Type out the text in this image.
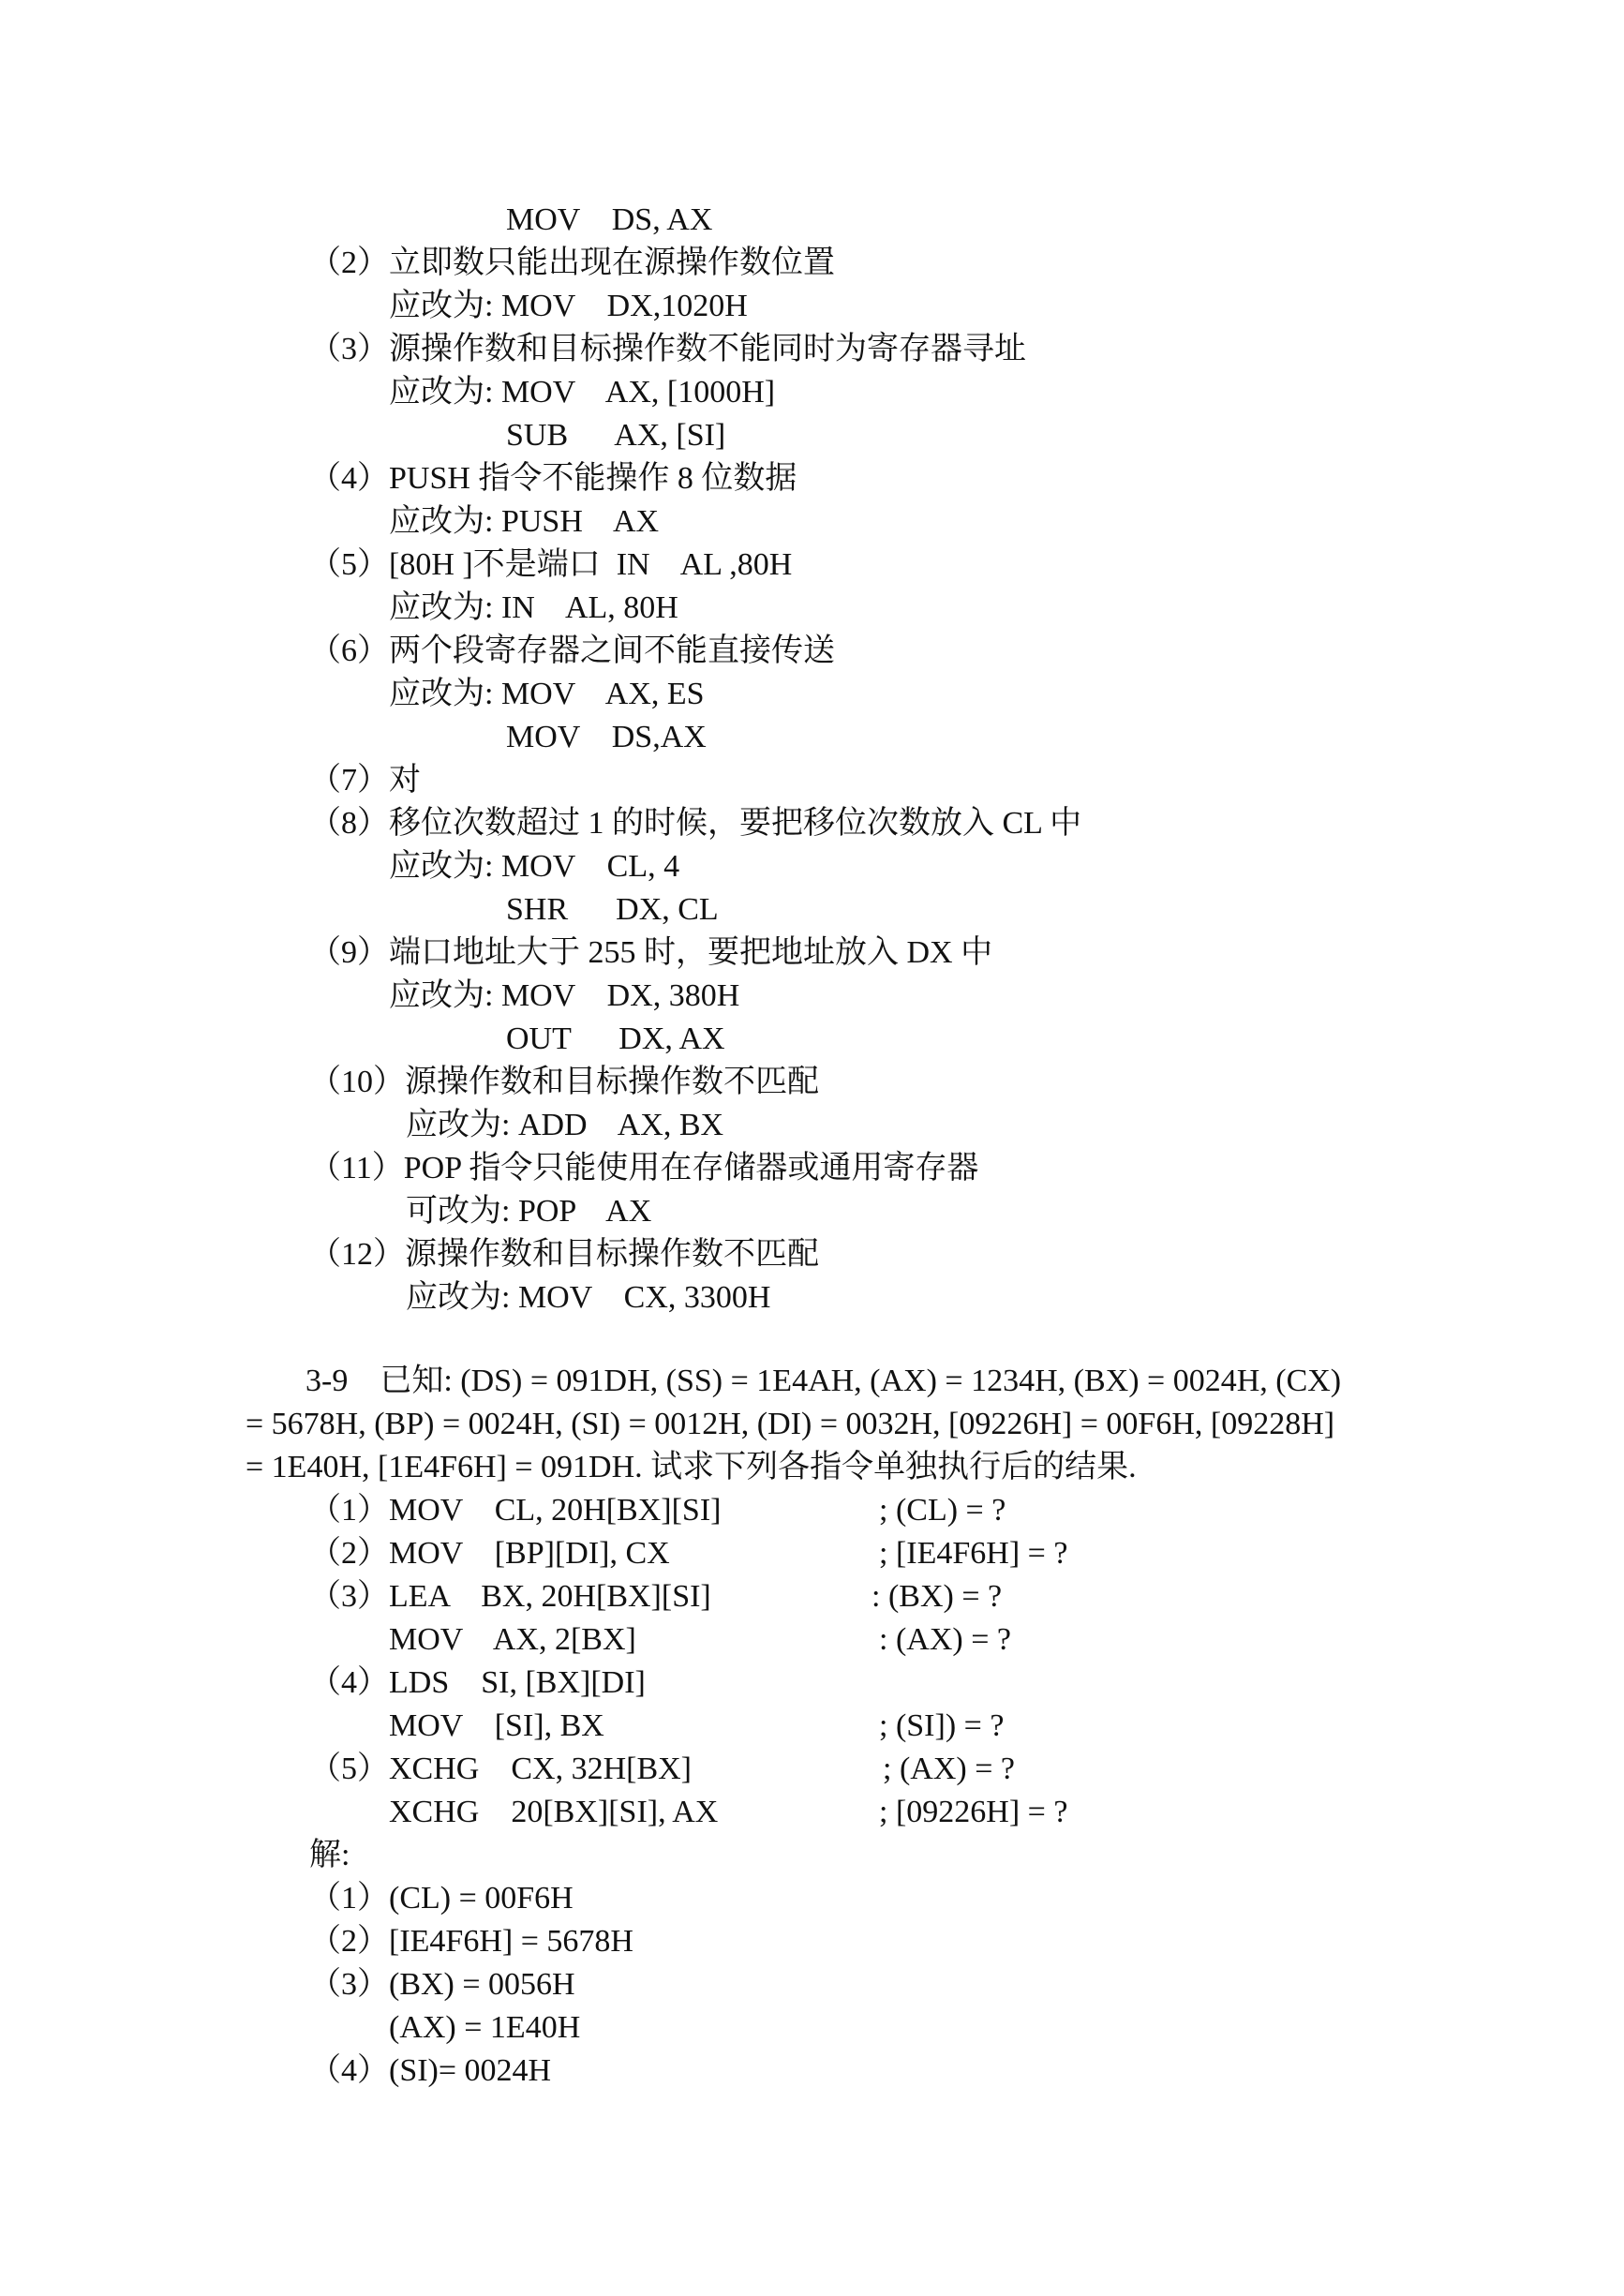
MOV    DS, AX
（2）立即数只能出现在源操作数位置
应改为: MOV    DX,1020H
（3）源操作数和目标操作数不能同时为寄存器寻址
应改为: MOV    AX, [1000H]
SUB      AX, [SI]
（4）PUSH 指令不能操作 8 位数据
应改为: PUSH    AX
（5）[80H ]不是端口  IN    AL ,80H
应改为: IN    AL, 80H
（6）两个段寄存器之间不能直接传送
应改为: MOV    AX, ES
MOV    DS,AX
（7）对
（8）移位次数超过 1 的时候，要把移位次数放入 CL 中
应改为: MOV    CL, 4
SHR      DX, CL
（9）端口地址大于 255 时，要把地址放入 DX 中
应改为: MOV    DX, 380H
OUT      DX, AX
（10）源操作数和目标操作数不匹配
应改为: ADD    AX, BX
（11）POP 指令只能使用在存储器或通用寄存器
可改为: POP    AX
（12）源操作数和目标操作数不匹配
应改为: MOV    CX, 3300H
3-9    已知: (DS) = 091DH, (SS) = 1E4AH, (AX) = 1234H, (BX) = 0024H, (CX)
= 5678H, (BP) = 0024H, (SI) = 0012H, (DI) = 0032H, [09226H] = 00F6H, [09228H]
= 1E40H, [1E4F6H] = 091DH. 试求下列各指令单独执行后的结果.
（1）MOV    CL, 20H[BX][SI]	; (CL) = ?
（2）MOV    [BP][DI], CX	; [IE4F6H] = ?
（3）LEA    BX, 20H[BX][SI]	: (BX) = ?
MOV    AX, 2[BX]	: (AX) = ?
（4）LDS    SI, [BX][DI]
MOV    [SI], BX	; (SI]) = ?
（5）XCHG    CX, 32H[BX]	; (AX) = ?
XCHG    20[BX][SI], AX	; [09226H] = ?
解:
（1）(CL) = 00F6H
（2）[IE4F6H] = 5678H
（3）(BX) = 0056H
(AX) = 1E40H
（4）(SI)= 0024H
